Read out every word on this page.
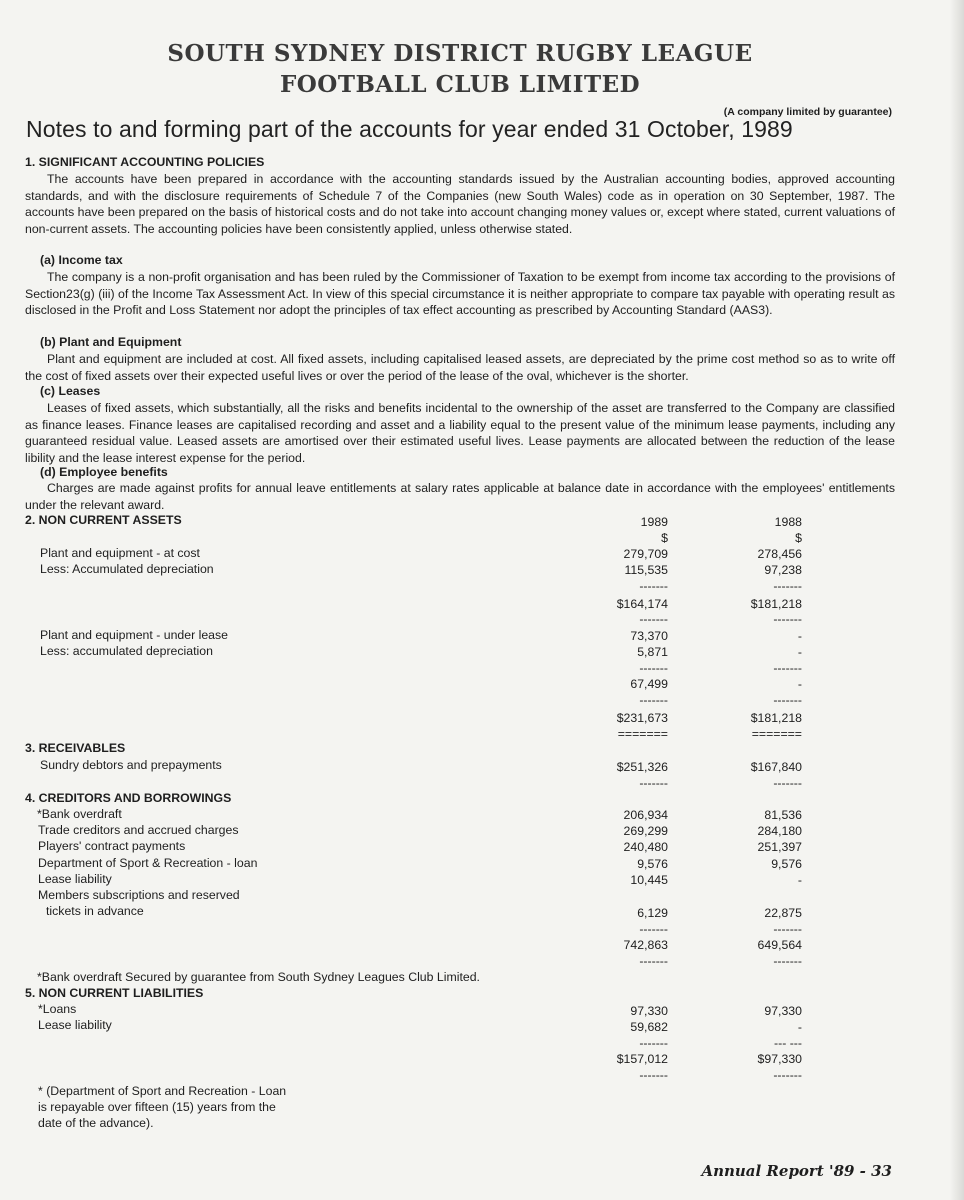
SOUTH SYDNEY DISTRICT RUGBY LEAGUE
FOOTBALL CLUB LIMITED
(A company limited by guarantee)
Notes to and forming part of the accounts for year ended 31 October, 1989
1. SIGNIFICANT ACCOUNTING POLICIES
The accounts have been prepared in accordance with the accounting standards issued by the Australian accounting bodies, approved accounting standards, and with the disclosure requirements of Schedule 7 of the Companies (new South Wales) code as in operation on 30 September, 1987. The accounts have been prepared on the basis of historical costs and do not take into account changing money values or, except where stated, current valuations of non-current assets. The accounting policies have been consistently applied, unless otherwise stated.
(a) Income tax
The company is a non-profit organisation and has been ruled by the Commissioner of Taxation to be exempt from income tax according to the provisions of Section23(g) (iii) of the Income Tax Assessment Act. In view of this special circumstance it is neither appropriate to compare tax payable with operating result as disclosed in the Profit and Loss Statement nor adopt the principles of tax effect accounting as prescribed by Accounting Standard (AAS3).
(b) Plant and Equipment
Plant and equipment are included at cost. All fixed assets, including capitalised leased assets, are depreciated by the prime cost method so as to write off the cost of fixed assets over their expected useful lives or over the period of the lease of the oval, whichever is the shorter.
(c) Leases
Leases of fixed assets, which substantially, all the risks and benefits incidental to the ownership of the asset are transferred to the Company are classified as finance leases. Finance leases are capitalised recording and asset and a liability equal to the present value of the minimum lease payments, including any guaranteed residual value. Leased assets are amortised over their estimated useful lives. Lease payments are allocated between the reduction of the lease libility and the lease interest expense for the period.
(d) Employee benefits
Charges are made against profits for annual leave entitlements at salary rates applicable at balance date in accordance with the employees' entitlements under the relevant award.
2. NON CURRENT ASSETS	1989	1988
$	$
Plant and equipment - at cost	279,709	278,456
Less: Accumulated depreciation	115,535	97,238
-------	-------
$164,174	$181,218
-------	-------
Plant and equipment - under lease	73,370	-
Less: accumulated depreciation	5,871	-
-------	-------
67,499	-
-------	-------
$231,673	$181,218
=======	=======
3. RECEIVABLES
Sundry debtors and prepayments	$251,326	$167,840
-------	-------
4. CREDITORS AND BORROWINGS
*Bank overdraft	206,934	81,536
Trade creditors and accrued charges	269,299	284,180
Players' contract payments	240,480	251,397
Department of Sport & Recreation - loan	9,576	9,576
Lease liability	10,445	-
Members subscriptions and reserved
tickets in advance	6,129	22,875
-------	-------
742,863	649,564
-------	-------
*Bank overdraft Secured by guarantee from South Sydney Leagues Club Limited.
5. NON CURRENT LIABILITIES
*Loans	97,330	97,330
Lease liability	59,682	-
-------	--- ---
$157,012	$97,330
-------	-------
* (Department of Sport and Recreation - Loan
is repayable over fifteen (15) years from the
date of the advance).
Annual Report '89 - 33
